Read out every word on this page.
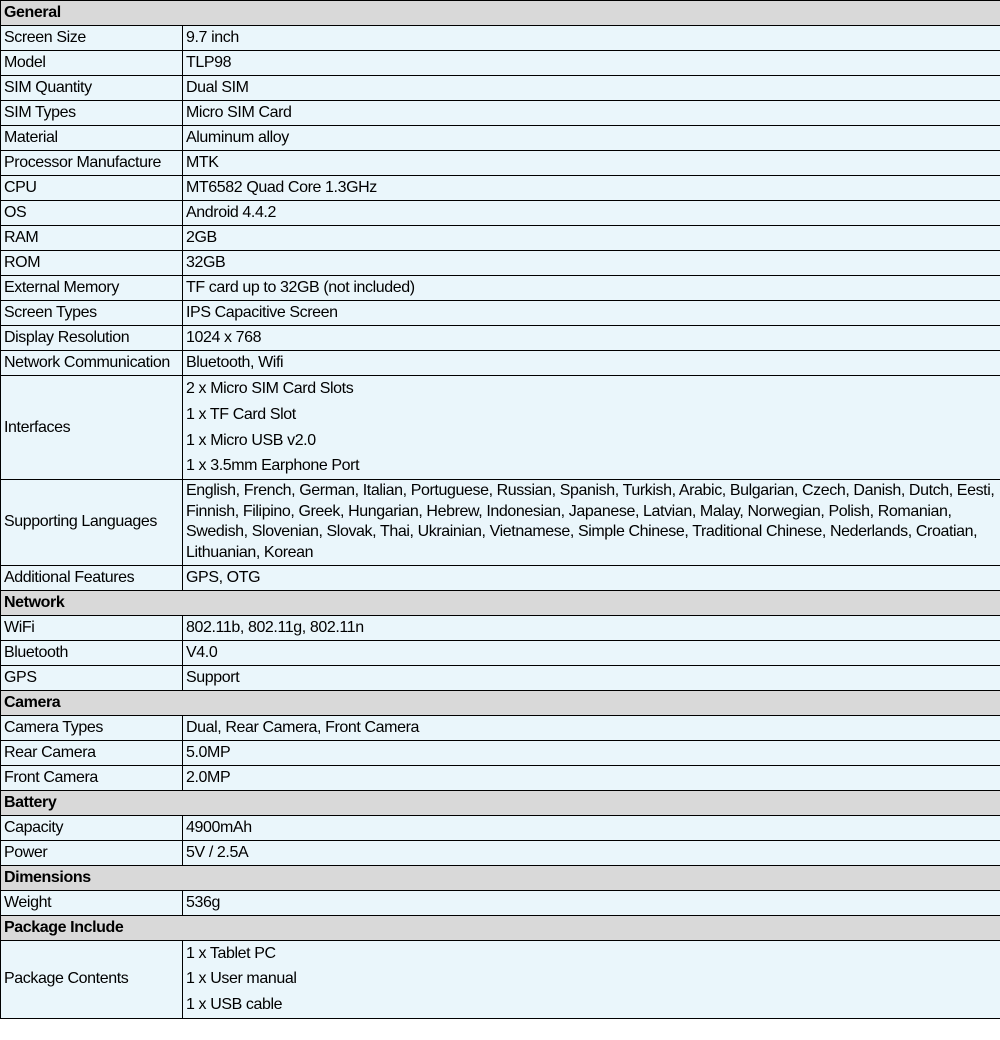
General	
Screen Size	9.7 inch
Model	TLP98
SIM Quantity	Dual SIM
SIM Types	Micro SIM Card
Material	Aluminum alloy
Processor Manufacture	MTK
CPU	MT6582 Quad Core 1.3GHz
OS	Android 4.4.2
RAM	2GB
ROM	32GB
External Memory	TF card up to 32GB (not included)
Screen Types	IPS Capacitive Screen
Display Resolution	1024 x 768
Network Communication	Bluetooth, Wifi
Interfaces	2 x Micro SIM Card Slots
1 x TF Card Slot
1 x Micro USB v2.0
1 x 3.5mm Earphone Port

Supporting Languages	English, French, German, Italian, Portuguese, Russian, Spanish, Turkish, Arabic, Bulgarian, Czech, Danish, Dutch, Eesti, Finnish, Filipino, Greek, Hungarian, Hebrew, Indonesian, Japanese, Latvian, Malay, Norwegian, Polish, Romanian, Swedish, Slovenian, Slovak, Thai, Ukrainian, Vietnamese, Simple Chinese, Traditional Chinese, Nederlands, Croatian, Lithuanian, Korean

Additional Features	GPS, OTG
Network	
WiFi	802.11b, 802.11g, 802.11n
Bluetooth	V4.0
GPS	Support
Camera	
Camera Types	Dual, Rear Camera, Front Camera
Rear Camera	5.0MP
Front Camera	2.0MP
Battery	
Capacity	4900mAh
Power	5V / 2.5A
Dimensions	
Weight	536g
Package Include	
Package Contents	1 x Tablet PC
1 x User manual
1 x USB cable
